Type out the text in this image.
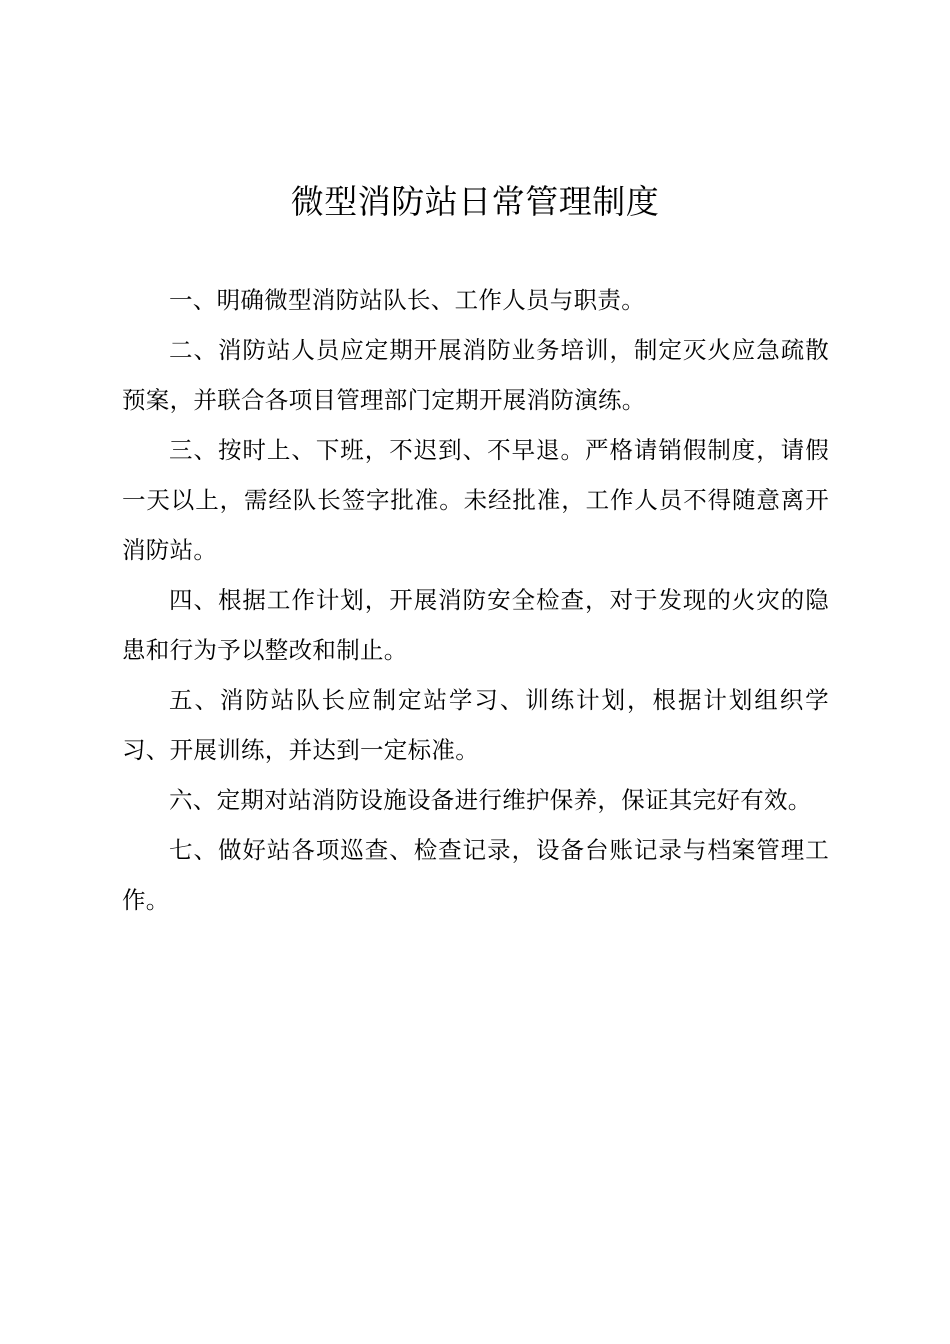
微型消防站日常管理制度

一、明确微型消防站队长、工作人员与职责。

二、消防站人员应定期开展消防业务培训，制定灭火应急疏散预案，并联合各项目管理部门定期开展消防演练。

三、按时上、下班，不迟到、不早退。严格请销假制度，请假一天以上，需经队长签字批准。未经批准，工作人员不得随意离开消防站。

四、根据工作计划，开展消防安全检查，对于发现的火灾的隐患和行为予以整改和制止。

五、消防站队长应制定站学习、训练计划，根据计划组织学习、开展训练，并达到一定标准。

六、定期对站消防设施设备进行维护保养，保证其完好有效。

七、做好站各项巡查、检查记录，设备台账记录与档案管理工作。
